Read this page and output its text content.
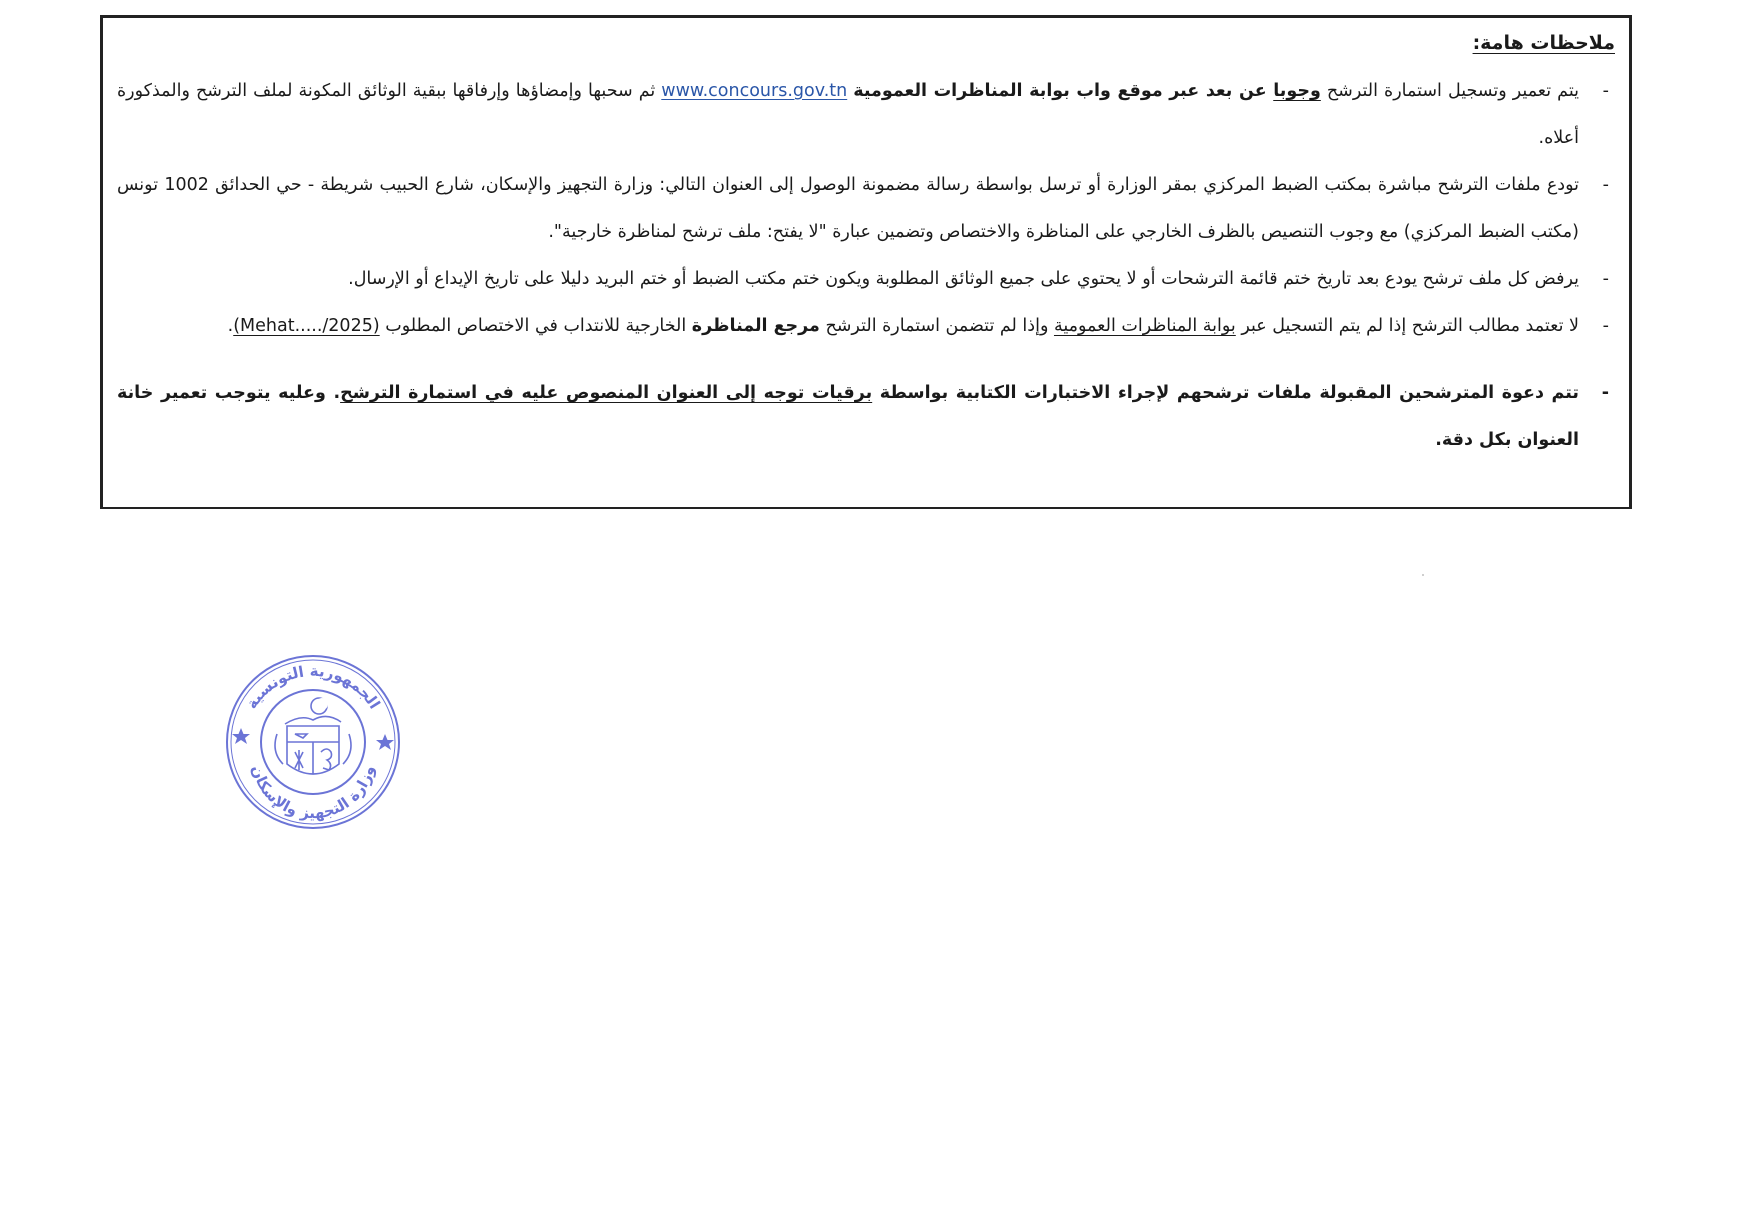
ملاحظات هامة:
-
يتم تعمير وتسجيل استمارة الترشح وجوبا عن بعد عبر موقع واب بوابة المناظرات العمومية www.concours.gov.tn ثم سحبها وإمضاؤها وإرفاقها ببقية الوثائق المكونة لملف الترشح والمذكورة أعلاه.
-
تودع ملفات الترشح مباشرة بمكتب الضبط المركزي بمقر الوزارة أو ترسل بواسطة رسالة مضمونة الوصول إلى العنوان التالي: وزارة التجهيز والإسكان، شارع الحبيب شريطة - حي الحدائق 1002 تونس (مكتب الضبط المركزي) مع وجوب التنصيص بالظرف الخارجي على المناظرة والاختصاص وتضمين عبارة "لا يفتح: ملف ترشح لمناظرة خارجية".
-
يرفض كل ملف ترشح يودع بعد تاريخ ختم قائمة الترشحات أو لا يحتوي على جميع الوثائق المطلوبة ويكون ختم مكتب الضبط أو ختم البريد دليلا على تاريخ الإيداع أو الإرسال.
-
لا تعتمد مطالب الترشح إذا لم يتم التسجيل عبر بوابة المناظرات العمومية وإذا لم تتضمن استمارة الترشح مرجع المناظرة الخارجية للانتداب في الاختصاص المطلوب (Mehat...../2025).
-
تتم دعوة المترشحين المقبولة ملفات ترشحهم لإجراء الاختبارات الكتابية بواسطة برقيات توجه إلى العنوان المنصوص عليه في استمارة الترشح. وعليه يتوجب تعمير خانة العنوان بكل دقة.
الجمهورية التونسية
وزارة التجهيز والإسكان
